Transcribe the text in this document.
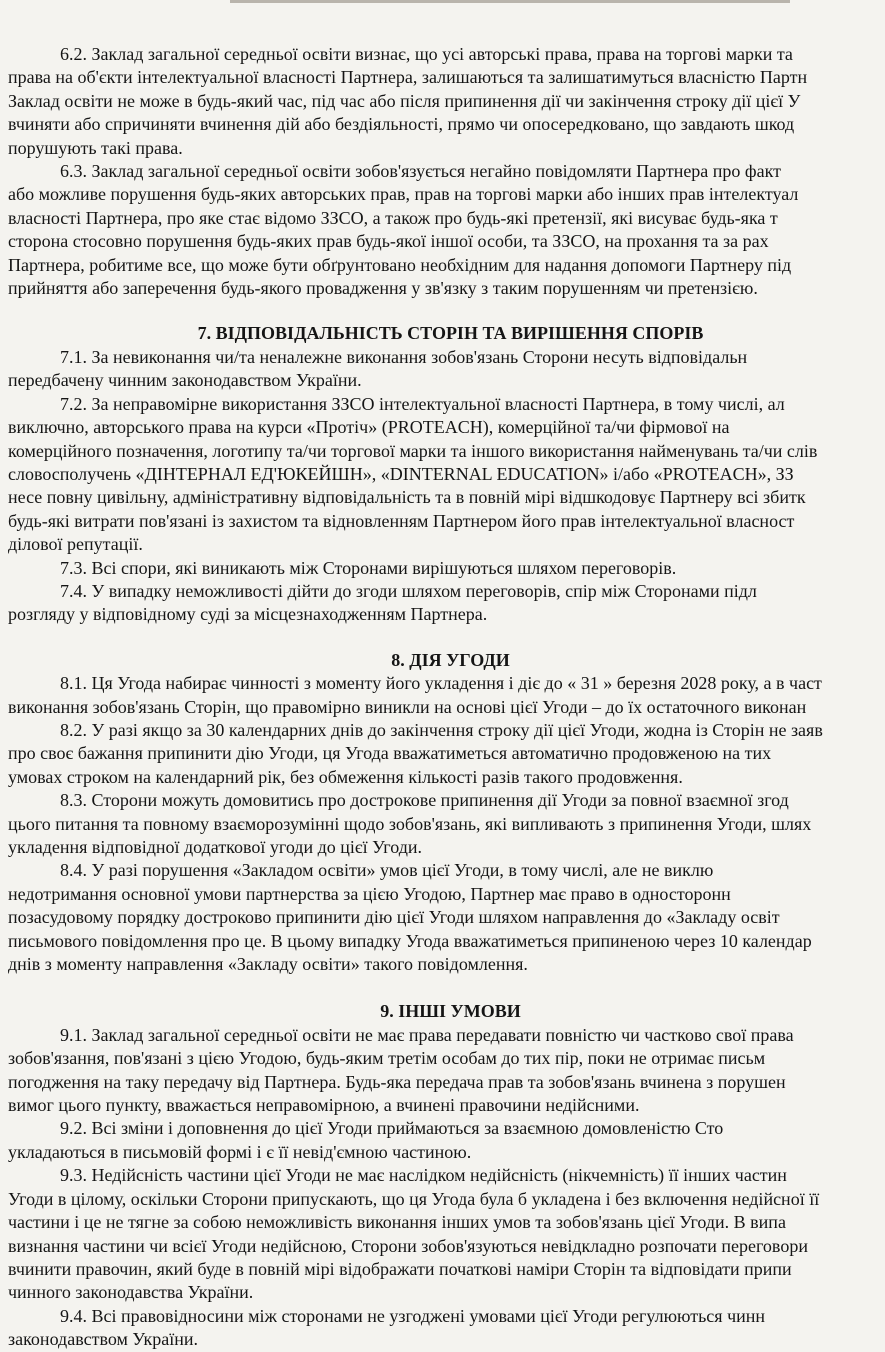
6.2. Заклад загальної середньої освіти визнає, що усі авторські права, права на торгові марки та

права на об'єкти інтелектуальної власності Партнера, залишаються та залишатимуться власністю Партн

Заклад освіти не може в будь-який час, під час або після припинення дії чи закінчення строку дії цієї У

вчиняти або спричиняти вчинення дій або бездіяльності, прямо чи опосередковано, що завдають шкод

порушують такі права.

6.3. Заклад загальної середньої освіти зобов'язується негайно повідомляти Партнера про факт

або можливе порушення будь-яких авторських прав, прав на торгові марки або інших прав інтелектуал

власності Партнера, про яке стає відомо ЗЗСО, а також про будь-які претензії, які висуває будь-яка т

сторона стосовно порушення будь-яких прав будь-якої іншої особи, та ЗЗСО, на прохання та за рах

Партнера, робитиме все, що може бути обґрунтовано необхідним для надання допомоги Партнеру під

прийняття або заперечення будь-якого провадження у зв'язку з таким порушенням чи претензією.

7. ВІДПОВІДАЛЬНІСТЬ СТОРІН ТА ВИРІШЕННЯ СПОРІВ

7.1. За невиконання чи/та неналежне виконання зобов'язань Сторони несуть відповідальн

передбачену чинним законодавством України.

7.2. За неправомірне використання ЗЗСО інтелектуальної власності Партнера, в тому числі, ал

виключно, авторського права на курси «Протіч» (PROTEACH), комерційної та/чи фірмової на

комерційного позначення, логотипу та/чи торгової марки та іншого використання найменувань та/чи слів

словосполучень «ДІНТЕРНАЛ ЕД'ЮКЕЙШН», «DINTERNAL EDUCATION» і/або «PROTEACH», ЗЗ

несе повну цивільну, адміністративну відповідальність та в повній мірі відшкодовує Партнеру всі збитк

будь-які витрати пов'язані із захистом та відновленням Партнером його прав інтелектуальної власност

ділової репутації.

7.3. Всі спори, які виникають між Сторонами вирішуються шляхом переговорів.

7.4. У випадку неможливості дійти до згоди шляхом переговорів, спір між Сторонами підл

розгляду у відповідному суді за місцезнаходженням Партнера.

8. ДІЯ УГОДИ

8.1. Ця Угода набирає чинності з моменту його укладення і діє до « 31 » березня 2028 року, а в част

виконання зобов'язань Сторін, що правомірно виникли на основі цієї Угоди – до їх остаточного виконан

8.2. У разі якщо за 30 календарних днів до закінчення строку дії цієї Угоди, жодна із Сторін не заяв

про своє бажання припинити дію Угоди, ця Угода вважатиметься автоматично продовженою на тих

умовах строком на календарний рік, без обмеження кількості разів такого продовження.

8.3. Сторони можуть домовитись про дострокове припинення дії Угоди за повної взаємної згод

цього питання та повному взаєморозумінні щодо зобов'язань, які випливають з припинення Угоди, шлях

укладення відповідної додаткової угоди до цієї Угоди.

8.4. У разі порушення «Закладом освіти» умов цієї Угоди, в тому числі, але не виклю

недотримання основної умови партнерства за цією Угодою, Партнер має право в односторонн

позасудовому порядку достроково припинити дію цієї Угоди шляхом направлення до «Закладу освіт

письмового повідомлення про це. В цьому випадку Угода вважатиметься припиненою через 10 календар

днів з моменту направлення «Закладу освіти» такого повідомлення.

9. ІНШІ УМОВИ

9.1. Заклад загальної середньої освіти не має права передавати повністю чи частково свої права

зобов'язання, пов'язані з цією Угодою, будь-яким третім особам до тих пір, поки не отримає письм

погодження на таку передачу від Партнера. Будь-яка передача прав та зобов'язань вчинена з порушен

вимог цього пункту, вважається неправомірною, а вчинені правочини недійсними.

9.2. Всі зміни і доповнення до цієї Угоди приймаються за взаємною домовленістю Сто

укладаються в письмовій формі і є її невід'ємною частиною.

9.3. Недійсність частини цієї Угоди не має наслідком недійсність (нікчемність) її інших частин

Угоди в цілому, оскільки Сторони припускають, що ця Угода була б укладена і без включення недійсної її

частини і це не тягне за собою неможливість виконання інших умов та зобов'язань цієї Угоди. В випа

визнання частини чи всієї Угоди недійсною, Сторони зобов'язуються невідкладно розпочати переговори

вчинити правочин, який буде в повній мірі відображати початкові наміри Сторін та відповідати припи

чинного законодавства України.

9.4. Всі правовідносини між сторонами не узгоджені умовами цієї Угоди регулюються чинн

законодавством України.
